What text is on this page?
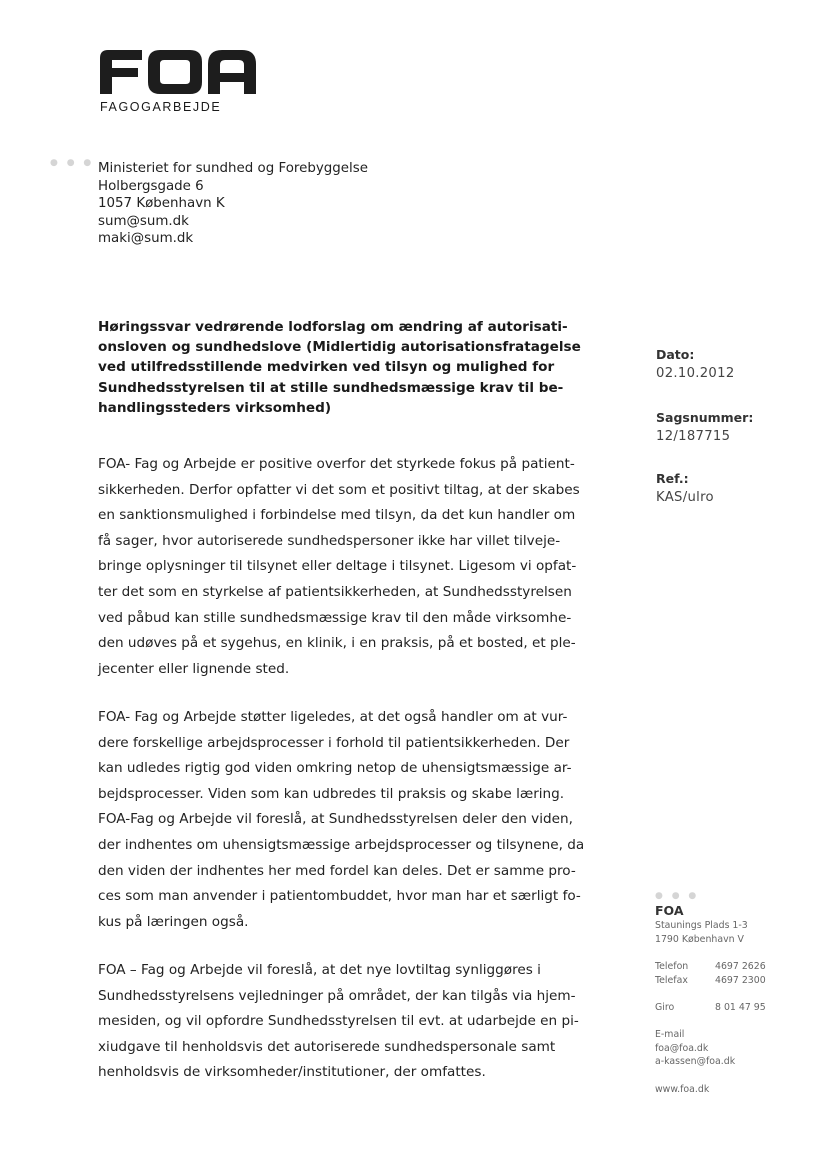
FAGOGARBEJDE
● ● ● Ministeriet for sundhed og Forebyggelse
Holbergsgade 6
1057 København K
sum@sum.dk
maki@sum.dk
Høringssvar vedrørende lodforslag om ændring af autorisati-
onsloven og sundhedslove (Midlertidig autorisationsfratagelse
ved utilfredsstillende medvirken ved tilsyn og mulighed for
Sundhedsstyrelsen til at stille sundhedsmæssige krav til be-
handlingssteders virksomhed)
FOA- Fag og Arbejde er positive overfor det styrkede fokus på patient-
sikkerheden. Derfor opfatter vi det som et positivt tiltag, at der skabes
en sanktionsmulighed i forbindelse med tilsyn, da det kun handler om
få sager, hvor autoriserede sundhedspersoner ikke har villet tilveje-
bringe oplysninger til tilsynet eller deltage i tilsynet. Ligesom vi opfat-
ter det som en styrkelse af patientsikkerheden, at Sundhedsstyrelsen
ved påbud kan stille sundhedsmæssige krav til den måde virksomhe-
den udøves på et sygehus, en klinik, i en praksis, på et bosted, et ple-
jecenter eller lignende sted.
FOA- Fag og Arbejde støtter ligeledes, at det også handler om at vur-
dere forskellige arbejdsprocesser i forhold til patientsikkerheden. Der
kan udledes rigtig god viden omkring netop de uhensigtsmæssige ar-
bejdsprocesser. Viden som kan udbredes til praksis og skabe læring.
FOA-Fag og Arbejde vil foreslå, at Sundhedsstyrelsen deler den viden,
der indhentes om uhensigtsmæssige arbejdsprocesser og tilsynene, da
den viden der indhentes her med fordel kan deles. Det er samme pro-
ces som man anvender i patientombuddet, hvor man har et særligt fo-
kus på læringen også.
FOA – Fag og Arbejde vil foreslå, at det nye lovtiltag synliggøres i
Sundhedsstyrelsens vejledninger på området, der kan tilgås via hjem-
mesiden, og vil opfordre Sundhedsstyrelsen til evt. at udarbejde en pi-
xiudgave til henholdsvis det autoriserede sundhedspersonale samt
henholdsvis de virksomheder/institutioner, der omfattes.
Dato:
02.10.2012
Sagsnummer:
12/187715
Ref.:
KAS/ulro
● ● ●
FOA
Staunings Plads 1-3
1790 København V
Telefon	4697 2626
Telefax	4697 2300
Giro	8 01 47 95
E-mail
foa@foa.dk
a-kassen@foa.dk
www.foa.dk
